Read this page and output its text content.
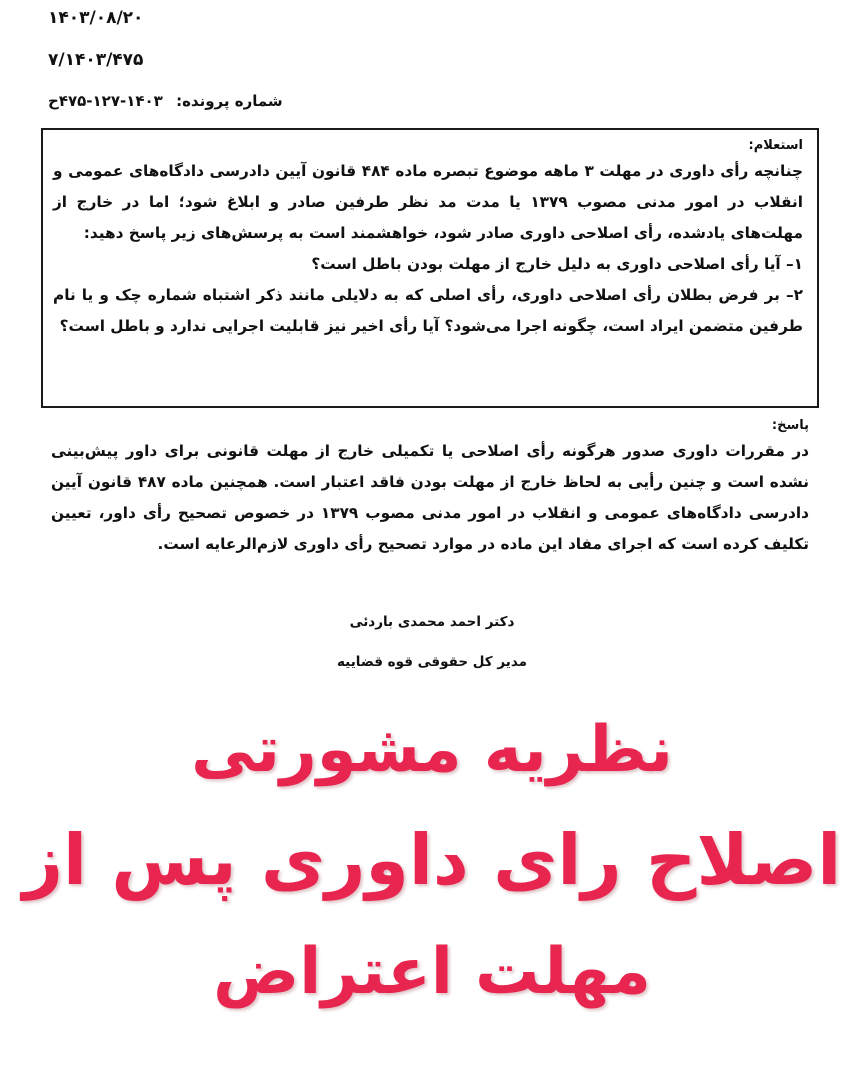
۱۴۰۳/۰۸/۲۰
۷/۱۴۰۳/۴۷۵
شماره پرونده: ۱۴۰۳-۱۲۷-۴۷۵ح
استعلام:
چنانچه رأی داوری در مهلت ۳ ماهه موضوع تبصره ماده ۴۸۴ قانون آیین دادرسی دادگاه‌های عمومی و انقلاب در امور مدنی مصوب ۱۳۷۹ یا مدت مد نظر طرفین صادر و ابلاغ شود؛ اما در خارج از مهلت‌های یادشده، رأی اصلاحی داوری صادر شود، خواهشمند است به پرسش‌های زیر پاسخ دهید:
۱– آیا رأی اصلاحی داوری به دلیل خارج از مهلت بودن باطل است؟
۲– بر فرض بطلان رأی اصلاحی داوری، رأی اصلی که به دلایلی مانند ذکر اشتباه شماره چک و یا نام طرفین متضمن ایراد است، چگونه اجرا می‌شود؟ آیا رأی اخیر نیز قابلیت اجرایی ندارد و باطل است؟
پاسخ:
در مقررات داوری صدور هرگونه رأی اصلاحی یا تکمیلی خارج از مهلت قانونی برای داور پیش‌بینی نشده است و چنین رأیی به لحاظ خارج از مهلت بودن فاقد اعتبار است. همچنین ماده ۴۸۷ قانون آیین دادرسی دادگاه‌های عمومی و انقلاب در امور مدنی مصوب ۱۳۷۹ در خصوص تصحیح رأی داور، تعیین تکلیف کرده است که اجرای مفاد این ماده در موارد تصحیح رأی داوری لازم‌الرعایه است.
دکتر احمد محمدی باردئی
مدیر کل حقوقی قوه قضاییه
نظریه مشورتی
اصلاح رای داوری پس از
مهلت اعتراض
